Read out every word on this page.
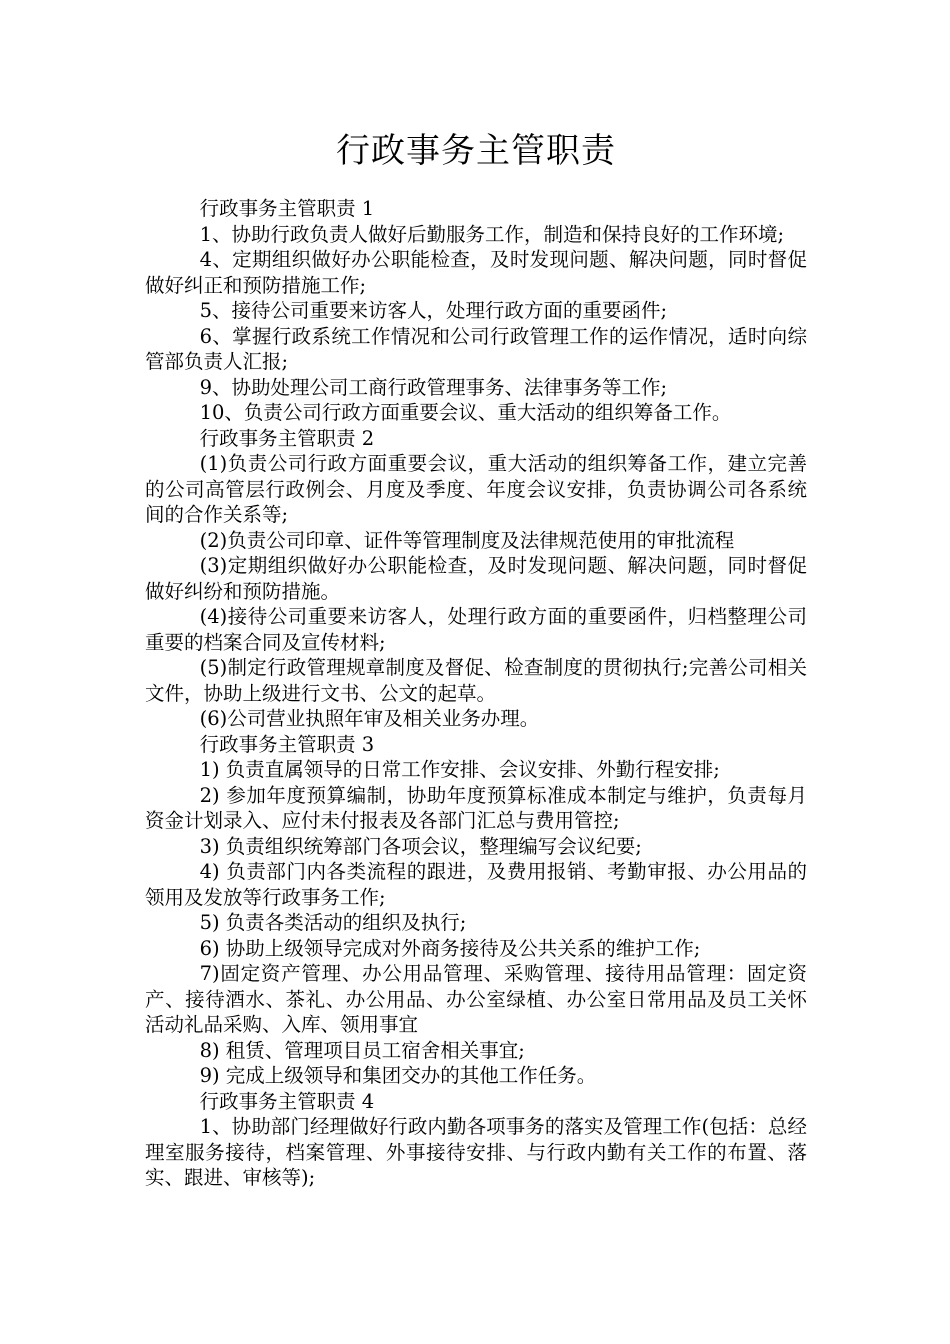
行政事务主管职责

行政事务主管职责 1

1、协助行政负责人做好后勤服务工作，制造和保持良好的工作环境;

4、定期组织做好办公职能检查，及时发现问题、解决问题，同时督促做好纠正和预防措施工作;

5、接待公司重要来访客人，处理行政方面的重要函件;

6、掌握行政系统工作情况和公司行政管理工作的运作情况，适时向综管部负责人汇报;

9、协助处理公司工商行政管理事务、法律事务等工作;

10、负责公司行政方面重要会议、重大活动的组织筹备工作。

行政事务主管职责 2

(1)负责公司行政方面重要会议，重大活动的组织筹备工作，建立完善的公司高管层行政例会、月度及季度、年度会议安排，负责协调公司各系统间的合作关系等;

(2)负责公司印章、证件等管理制度及法律规范使用的审批流程

(3)定期组织做好办公职能检查，及时发现问题、解决问题，同时督促做好纠纷和预防措施。

(4)接待公司重要来访客人，处理行政方面的重要函件，归档整理公司重要的档案合同及宣传材料;

(5)制定行政管理规章制度及督促、检查制度的贯彻执行;完善公司相关文件，协助上级进行文书、公文的起草。

(6)公司营业执照年审及相关业务办理。

行政事务主管职责 3

1) 负责直属领导的日常工作安排、会议安排、外勤行程安排;

2) 参加年度预算编制，协助年度预算标准成本制定与维护，负责每月资金计划录入、应付未付报表及各部门汇总与费用管控;

3) 负责组织统筹部门各项会议，整理编写会议纪要;

4) 负责部门内各类流程的跟进，及费用报销、考勤审报、办公用品的领用及发放等行政事务工作;

5) 负责各类活动的组织及执行;

6) 协助上级领导完成对外商务接待及公共关系的维护工作;

7)固定资产管理、办公用品管理、采购管理、接待用品管理：固定资产、接待酒水、茶礼、办公用品、办公室绿植、办公室日常用品及员工关怀活动礼品采购、入库、领用事宜

8) 租赁、管理项目员工宿舍相关事宜;

9) 完成上级领导和集团交办的其他工作任务。

行政事务主管职责 4

1、协助部门经理做好行政内勤各项事务的落实及管理工作(包括：总经理室服务接待，档案管理、外事接待安排、与行政内勤有关工作的布置、落实、跟进、审核等);
